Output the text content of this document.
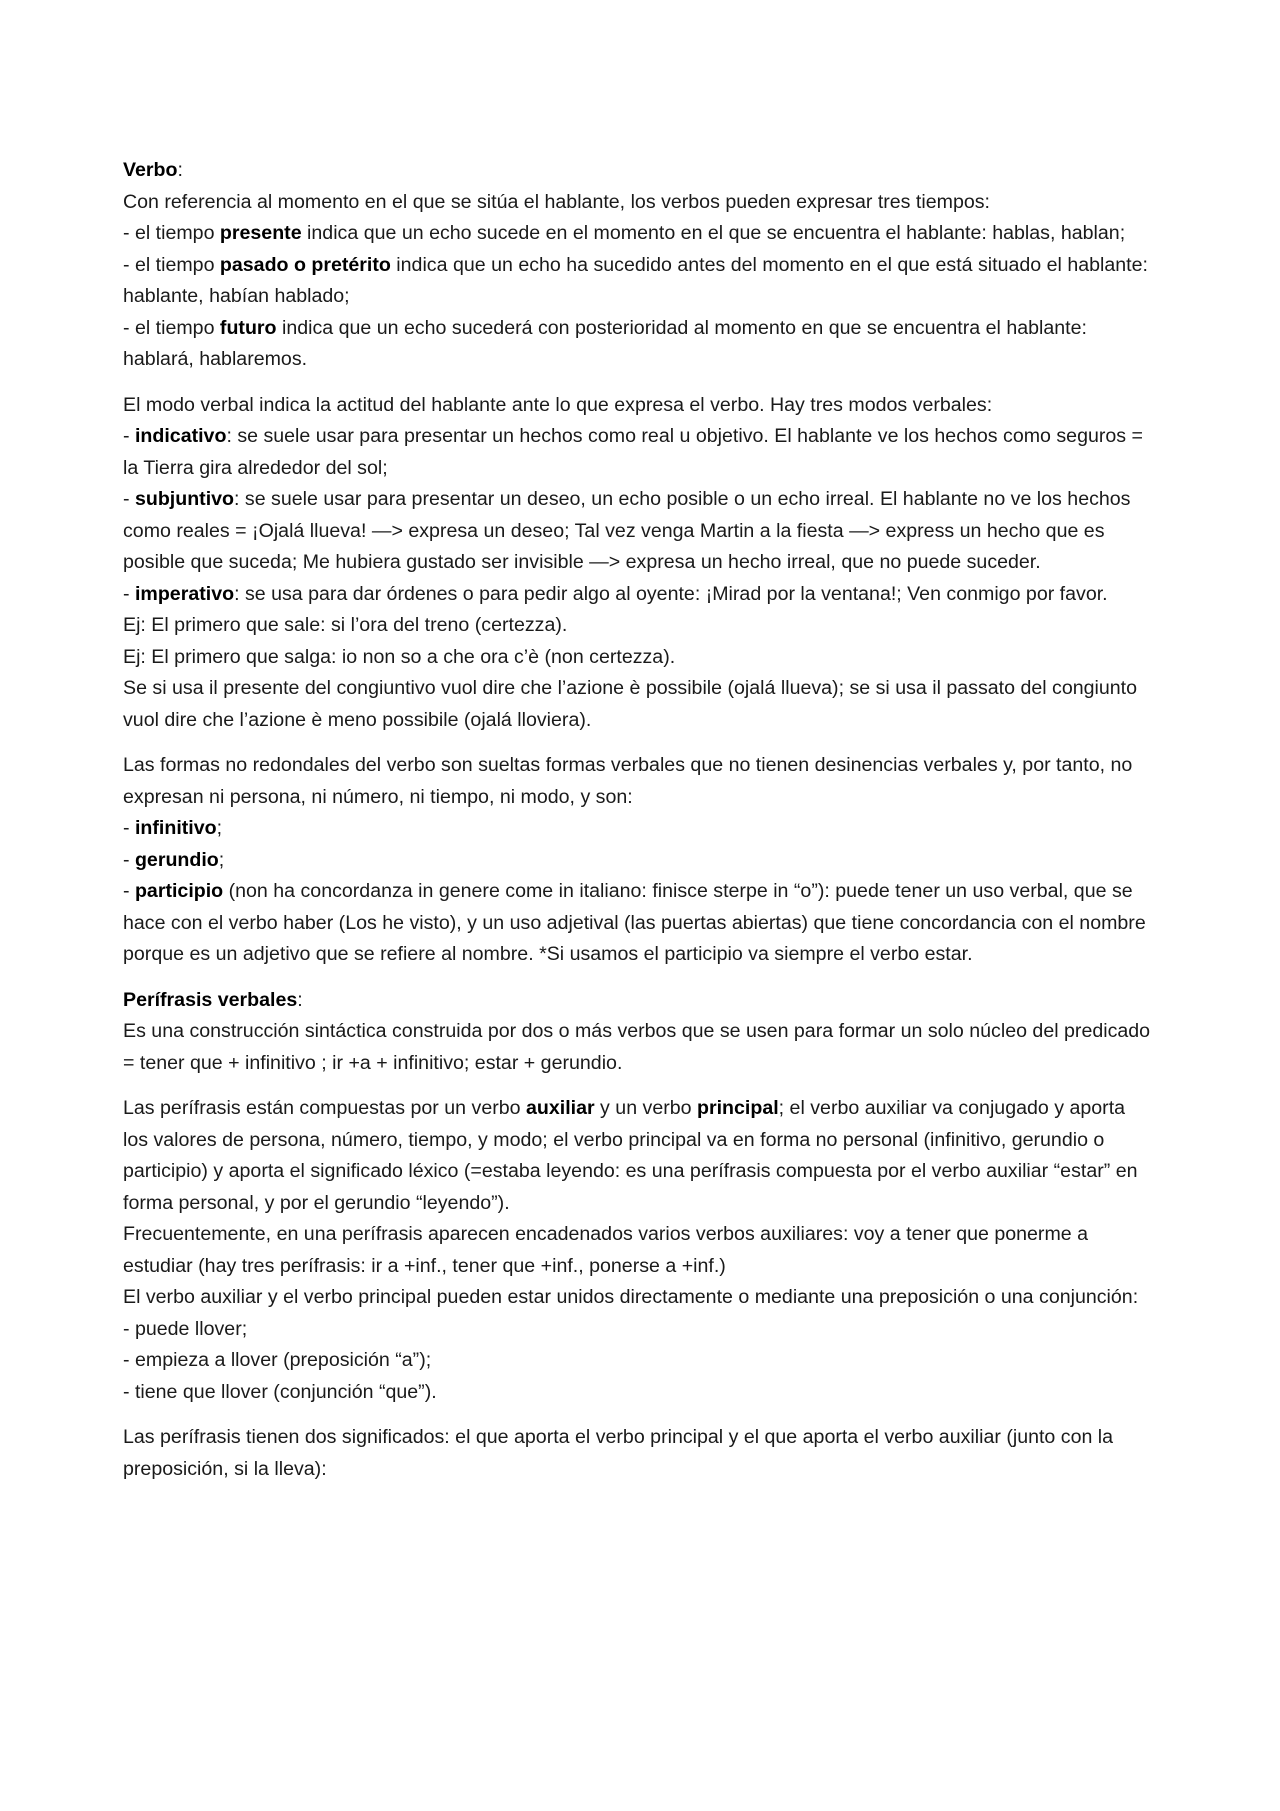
Verbo:
Con referencia al momento en el que se sitúa el hablante, los verbos pueden expresar tres tiempos:
- el tiempo presente indica que un echo sucede en el momento en el que se encuentra el hablante: hablas, hablan;
- el tiempo pasado o pretérito indica que un echo ha sucedido antes del momento en el que está situado el hablante: hablante, habían hablado;
- el tiempo futuro indica que un echo sucederá con posterioridad al momento en que se encuentra el hablante: hablará, hablaremos.
El modo verbal indica la actitud del hablante ante lo que expresa el verbo. Hay tres modos verbales:
- indicativo: se suele usar para presentar un hechos como real u objetivo. El hablante ve los hechos como seguros = la Tierra gira alrededor del sol;
- subjuntivo: se suele usar para presentar un deseo, un echo posible o un echo irreal. El hablante no ve los hechos como reales = ¡Ojalá llueva! —> expresa un deseo; Tal vez venga Martin a la fiesta —> express un hecho que es posible que suceda; Me hubiera gustado ser invisible —> expresa un hecho irreal, que no puede suceder.
- imperativo: se usa para dar órdenes o para pedir algo al oyente: ¡Mirad por la ventana!; Ven conmigo por favor.
Ej: El primero que sale: si l’ora del treno (certezza).
Ej: El primero que salga: io non so a che ora c’è (non certezza).
Se si usa il presente del congiuntivo vuol dire che l’azione è possibile (ojalá llueva); se si usa il passato del congiunto vuol dire che l’azione è meno possibile (ojalá lloviera).
Las formas no redondales del verbo son sueltas formas verbales que no tienen desinencias verbales y, por tanto, no expresan ni persona, ni número, ni tiempo, ni modo, y son:
- infinitivo;
- gerundio;
- participio (non ha concordanza in genere come in italiano: finisce sterpe in “o”): puede tener un uso verbal, que se hace con el verbo haber (Los he visto), y un uso adjetival (las puertas abiertas) que tiene concordancia con el nombre porque es un adjetivo que se refiere al nombre. *Si usamos el participio va siempre el verbo estar.
Perífrasis verbales:
Es una construcción sintáctica construida por dos o más verbos que se usen para formar un solo núcleo del predicado = tener que + infinitivo ; ir +a + infinitivo; estar + gerundio.
Las perífrasis están compuestas por un verbo auxiliar y un verbo principal; el verbo auxiliar va conjugado y aporta los valores de persona, número, tiempo, y modo; el verbo principal va en forma no personal (infinitivo, gerundio o participio) y aporta el significado léxico (=estaba leyendo: es una perífrasis compuesta por el verbo auxiliar “estar” en forma personal, y por el gerundio “leyendo”).
Frecuentemente, en una perífrasis aparecen encadenados varios verbos auxiliares: voy a tener que ponerme a estudiar (hay tres perífrasis: ir a +inf., tener que +inf., ponerse a +inf.)
El verbo auxiliar y el verbo principal pueden estar unidos directamente o mediante una preposición o una conjunción:
- puede llover;
- empieza a llover (preposición “a”);
- tiene que llover (conjunción “que”).
Las perífrasis tienen dos significados: el que aporta el verbo principal y el que aporta el verbo auxiliar (junto con la preposición, si la lleva):
